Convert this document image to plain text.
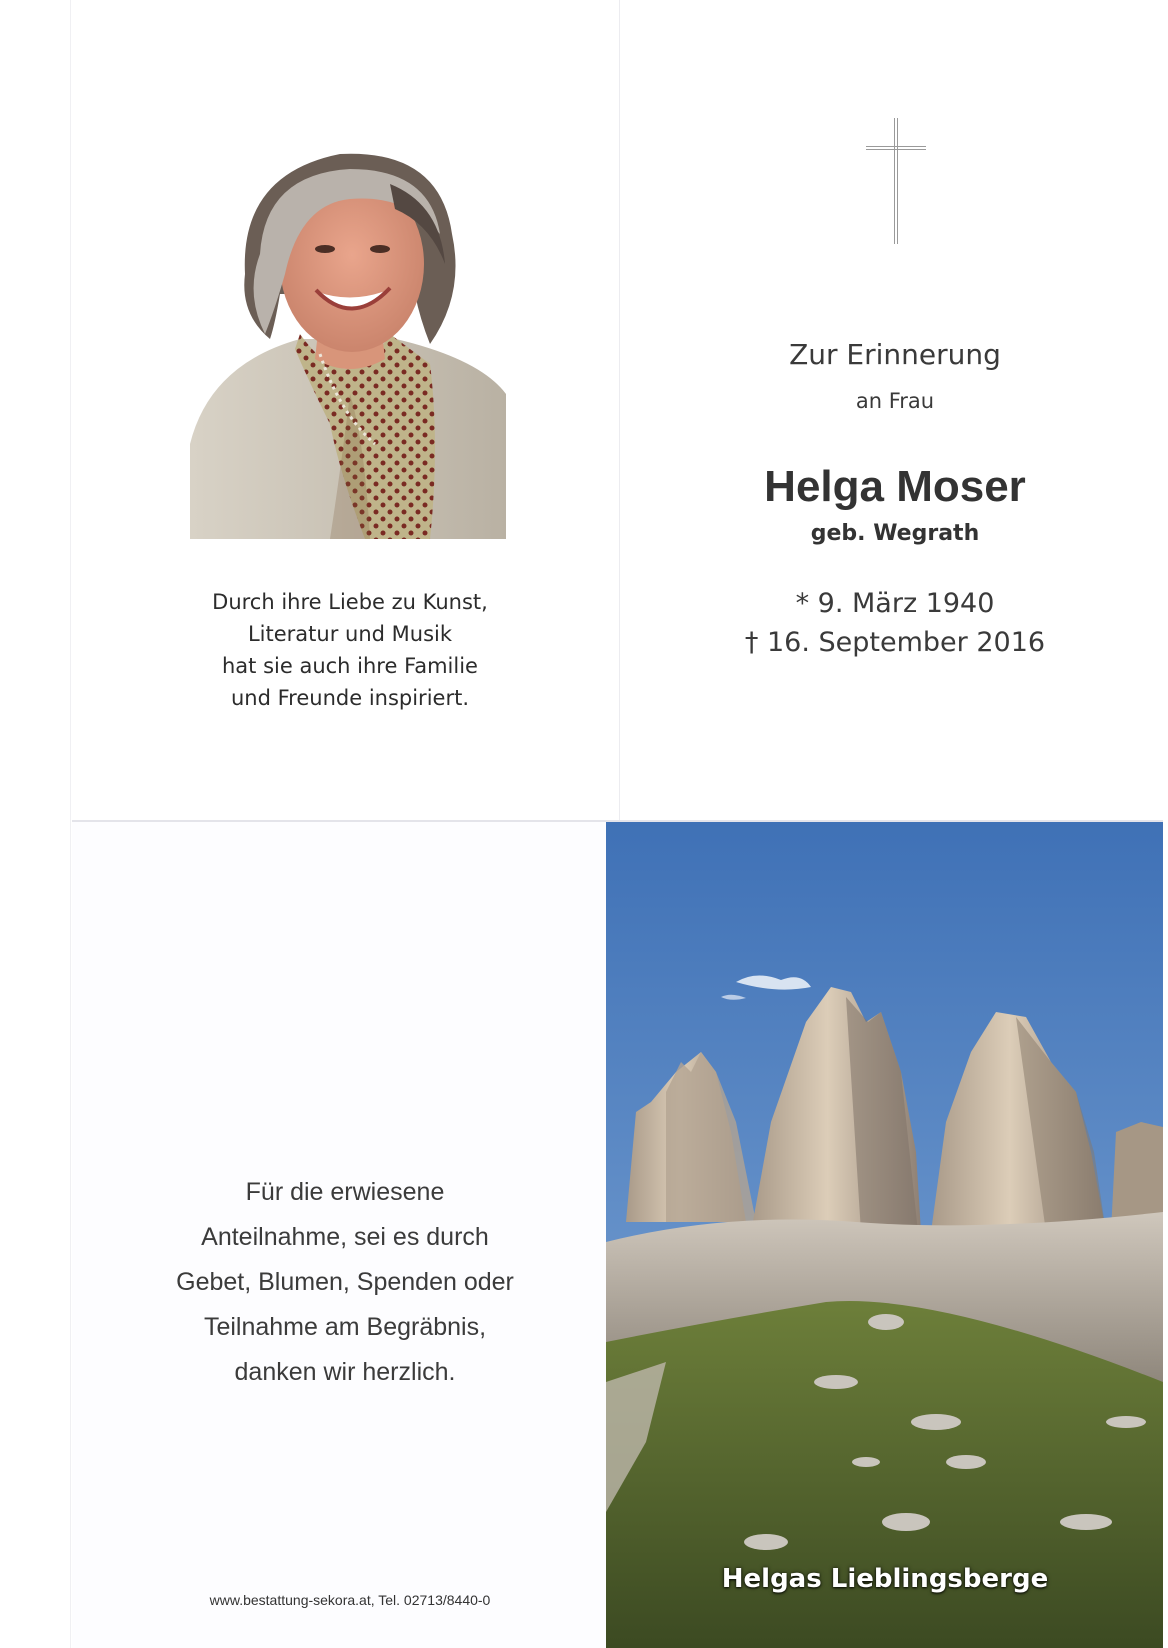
Durch ihre Liebe zu Kunst,
Literatur und Musik
hat sie auch ihre Familie
und Freunde inspiriert.
Zur Erinnerung
an Frau
Helga Moser
geb. Wegrath
* 9. März 1940
† 16. September 2016
Für die erwiesene
Anteilnahme, sei es durch
Gebet, Blumen, Spenden oder
Teilnahme am Begräbnis,
danken wir herzlich.
www.bestattung-sekora.at, Tel. 02713/8440-0
Helgas Lieblingsberge
